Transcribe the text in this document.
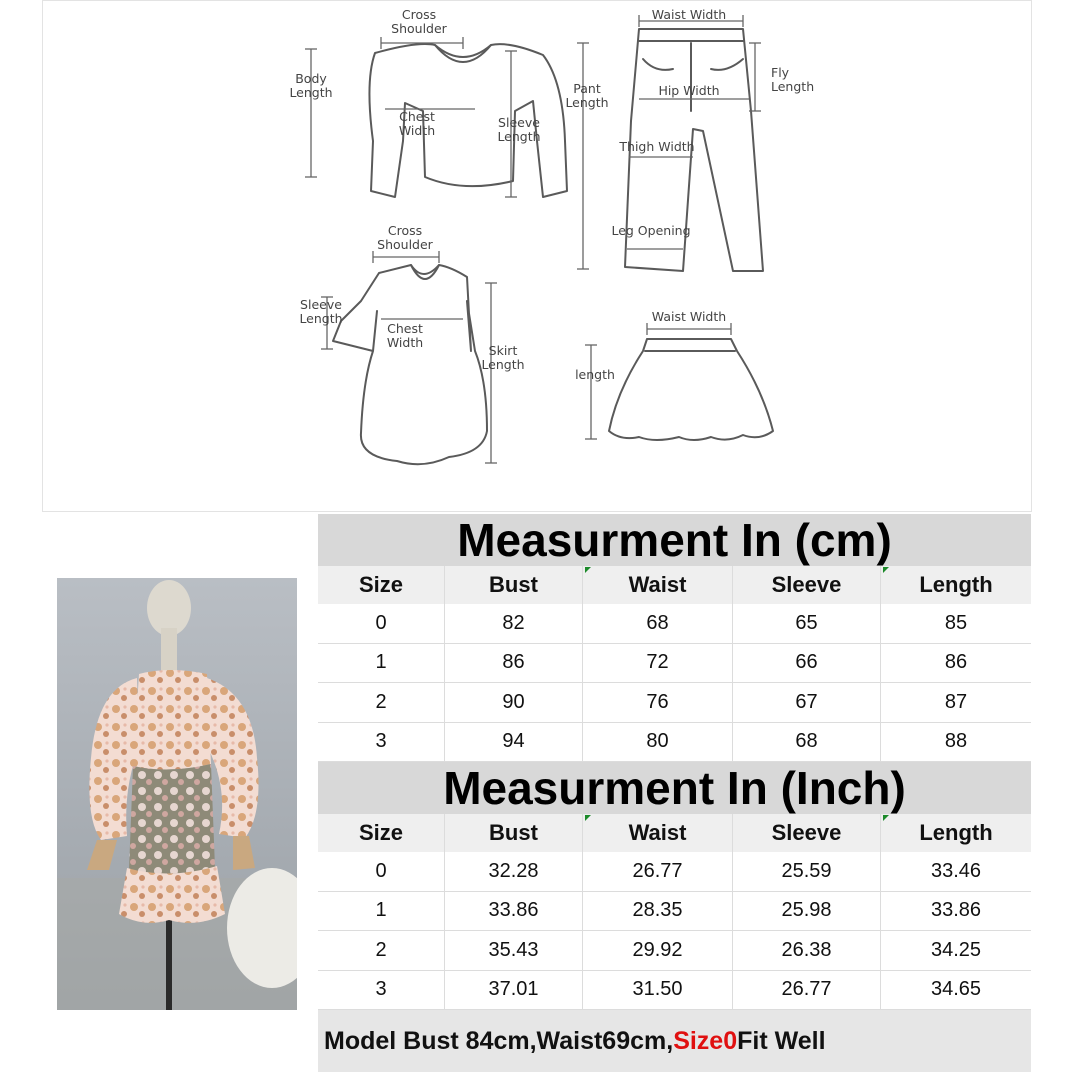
Cross Shoulder
Body Length
Chest Width
Sleeve Length
Waist Width
Pant Length
Hip Width
Fly Length
Thigh Width
Leg Opening
Cross Shoulder
Sleeve Length
Chest Width
Skirt Length
Waist Width
length
Measurment In (cm)
Size	Bust	Waist	Sleeve	Length
0	82	68	65	85
1	86	72	66	86
2	90	76	67	87
3	94	80	68	88
Measurment In (Inch)
Size	Bust	Waist	Sleeve	Length
0	32.28	26.77	25.59	33.46
1	33.86	28.35	25.98	33.86
2	35.43	29.92	26.38	34.25
3	37.01	31.50	26.77	34.65
Model Bust 84cm,Waist69cm, Size0 Fit Well
